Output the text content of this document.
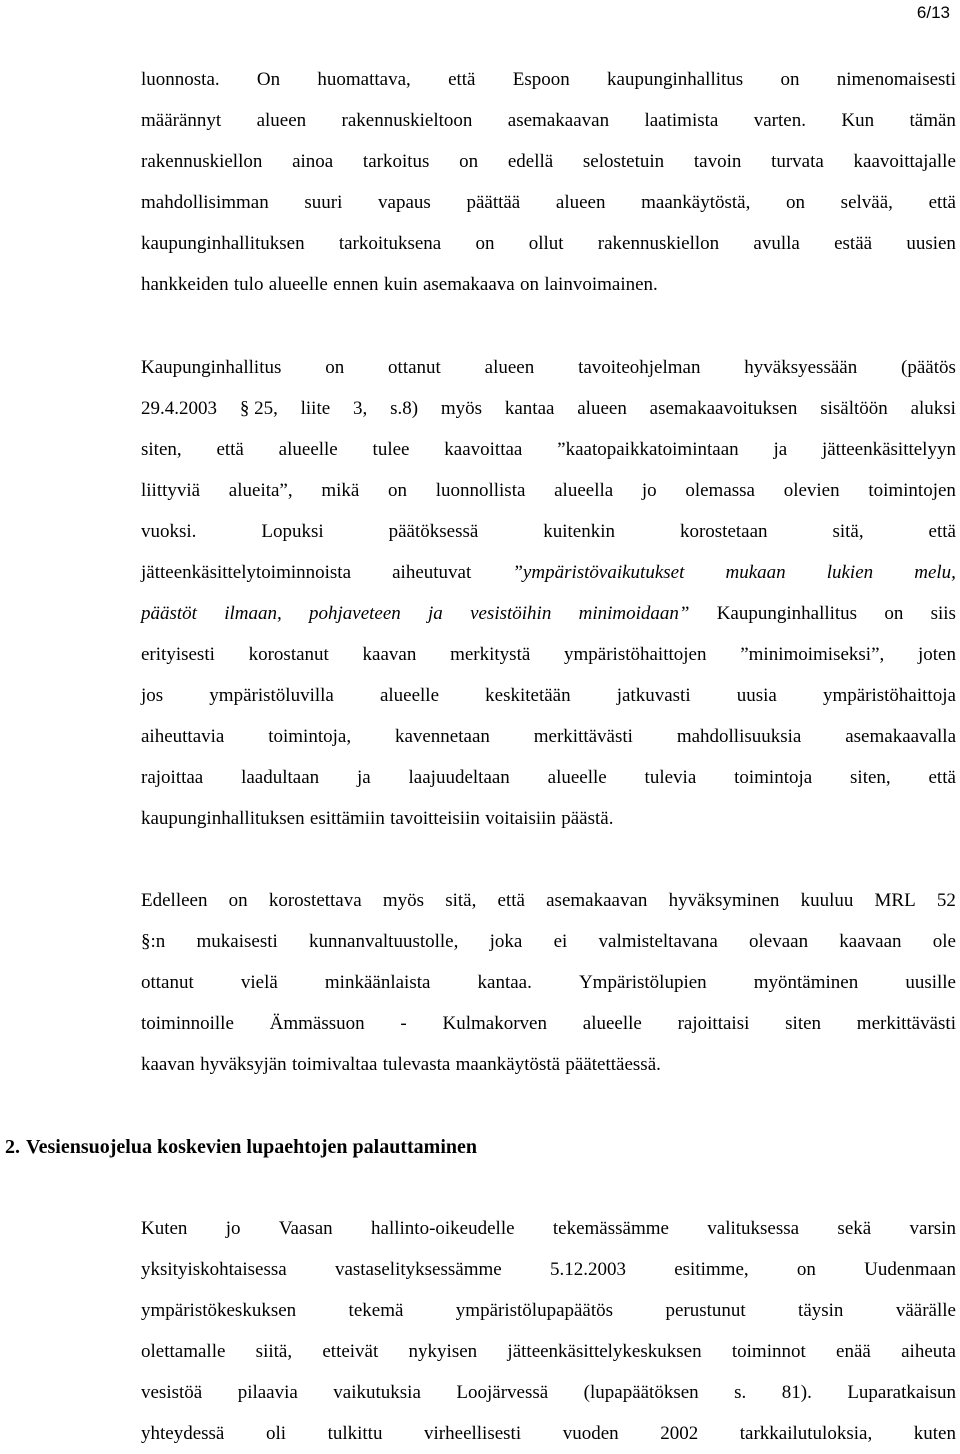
6/13
luonnosta. On huomattava, että Espoon kaupunginhallitus on nimenomaisesti
määrännyt alueen rakennuskieltoon asemakaavan laatimista varten. Kun tämän
rakennuskiellon ainoa tarkoitus on edellä selostetuin tavoin turvata kaavoittajalle
mahdollisimman suuri vapaus päättää alueen maankäytöstä, on selvää, että
kaupunginhallituksen tarkoituksena on ollut rakennuskiellon avulla estää uusien
hankkeiden tulo alueelle ennen kuin asemakaava on lainvoimainen.
Kaupunginhallitus on ottanut alueen tavoiteohjelman hyväksyessään (päätös
29.4.2003 § 25, liite 3, s.8) myös kantaa alueen asemakaavoituksen sisältöön aluksi
siten, että alueelle tulee kaavoittaa ”kaatopaikkatoimintaan ja jätteenkäsittelyyn
liittyviä alueita”, mikä on luonnollista alueella jo olemassa olevien toimintojen
vuoksi.	Lopuksi	päätöksessä	kuitenkin	korostetaan	sitä,	että
jätteenkäsittelytoiminnoista aiheutuvat ”ympäristövaikutukset mukaan lukien melu,
päästöt ilmaan, pohjaveteen ja vesistöihin minimoidaan” Kaupunginhallitus on siis
erityisesti korostanut kaavan merkitystä ympäristöhaittojen ”minimoimiseksi”, joten
jos ympäristöluvilla alueelle keskitetään jatkuvasti uusia ympäristöhaittoja
aiheuttavia toimintoja, kavennetaan merkittävästi mahdollisuuksia asemakaavalla
rajoittaa laadultaan ja laajuudeltaan alueelle tulevia toimintoja siten, että
kaupunginhallituksen esittämiin tavoitteisiin voitaisiin päästä.
Edelleen on korostettava myös sitä, että asemakaavan hyväksyminen kuuluu MRL 52
§:n mukaisesti kunnanvaltuustolle, joka ei valmisteltavana olevaan kaavaan ole
ottanut vielä minkäänlaista kantaa. Ympäristölupien myöntäminen uusille
toiminnoille Ämmässuon - Kulmakorven alueelle rajoittaisi siten merkittävästi
kaavan hyväksyjän toimivaltaa tulevasta maankäytöstä päätettäessä.
Kuten jo Vaasan hallinto-oikeudelle tekemässämme valituksessa sekä varsin
yksityiskohtaisessa	vastaselityksessämme	5.12.2003	esitimme,	on	Uudenmaan
ympäristökeskuksen	tekemä	ympäristölupapäätös	perustunut	täysin	väärälle
olettamalle siitä, etteivät nykyisen jätteenkäsittelykeskuksen toiminnot enää aiheuta
vesistöä pilaavia vaikutuksia Loojärvessä (lupapäätöksen s. 81). Luparatkaisun
yhteydessä oli tulkittu virheellisesti vuoden 2002 tarkkailutuloksia, kuten
2. Vesiensuojelua koskevien lupaehtojen palauttaminen
